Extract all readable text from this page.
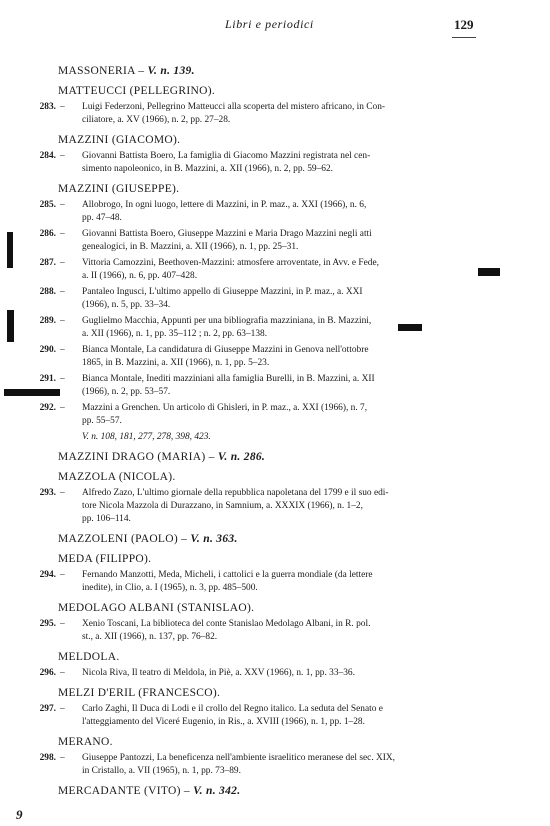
Libri e periodici	129
MASSONERIA – V. n. 139.
MATTEUCCI (PELLEGRINO).
283. – Luigi Federzoni, Pellegrino Matteucci alla scoperta del mistero africano, in Con-
ciliatore, a. XV (1966), n. 2, pp. 27–28.
MAZZINI (GIACOMO).
284. – Giovanni Battista Boero, La famiglia di Giacomo Mazzini registrata nel cen-
simento napoleonico, in B. Mazzini, a. XII (1966), n. 2, pp. 59–62.
MAZZINI (GIUSEPPE).
285. – Allobrogo, In ogni luogo, lettere di Mazzini, in P. maz., a. XXI (1966), n. 6,
pp. 47–48.
286. – Giovanni Battista Boero, Giuseppe Mazzini e Maria Drago Mazzini negli atti
genealogici, in B. Mazzini, a. XII (1966), n. 1, pp. 25–31.
287. – Vittoria Camozzini, Beethoven-Mazzini: atmosfere arroventate, in Avv. e Fede,
a. II (1966), n. 6, pp. 407–428.
288. – Pantaleo Ingusci, L'ultimo appello di Giuseppe Mazzini, in P. maz., a. XXI
(1966), n. 5, pp. 33–34.
289. – Guglielmo Macchia, Appunti per una bibliografia mazziniana, in B. Mazzini,
a. XII (1966), n. 1, pp. 35–112 ; n. 2, pp. 63–138.
290. – Bianca Montale, La candidatura di Giuseppe Mazzini in Genova nell'ottobre
1865, in B. Mazzini, a. XII (1966), n. 1, pp. 5–23.
291. – Bianca Montale, Inediti mazziniani alla famiglia Burelli, in B. Mazzini, a. XII
(1966), n. 2, pp. 53–57.
292. – Mazzini a Grenchen. Un articolo di Ghisleri, in P. maz., a. XXI (1966), n. 7,
pp. 55–57.
V. n. 108, 181, 277, 278, 398, 423.
MAZZINI DRAGO (MARIA) – V. n. 286.
MAZZOLA (NICOLA).
293. – Alfredo Zazo, L'ultimo giornale della repubblica napoletana del 1799 e il suo edi-
tore Nicola Mazzola di Durazzano, in Samnium, a. XXXIX (1966), n. 1–2,
pp. 106–114.
MAZZOLENI (PAOLO) – V. n. 363.
MEDA (FILIPPO).
294. – Fernando Manzotti, Meda, Micheli, i cattolici e la guerra mondiale (da lettere
inedite), in Clio, a. I (1965), n. 3, pp. 485–500.
MEDOLAGO ALBANI (STANISLAO).
295. – Xenio Toscani, La biblioteca del conte Stanislao Medolago Albani, in R. pol.
st., a. XII (1966), n. 137, pp. 76–82.
MELDOLA.
296. – Nicola Riva, Il teatro di Meldola, in Piè, a. XXV (1966), n. 1, pp. 33–36.
MELZI D'ERIL (FRANCESCO).
297. – Carlo Zaghi, Il Duca di Lodi e il crollo del Regno italico. La seduta del Senato e
l'atteggiamento del Viceré Eugenio, in Ris., a. XVIII (1966), n. 1, pp. 1–28.
MERANO.
298. – Giuseppe Pantozzi, La beneficenza nell'ambiente israelitico meranese del sec. XIX,
in Cristallo, a. VII (1965), n. 1, pp. 73–89.
MERCADANTE (VITO) – V. n. 342.
9
